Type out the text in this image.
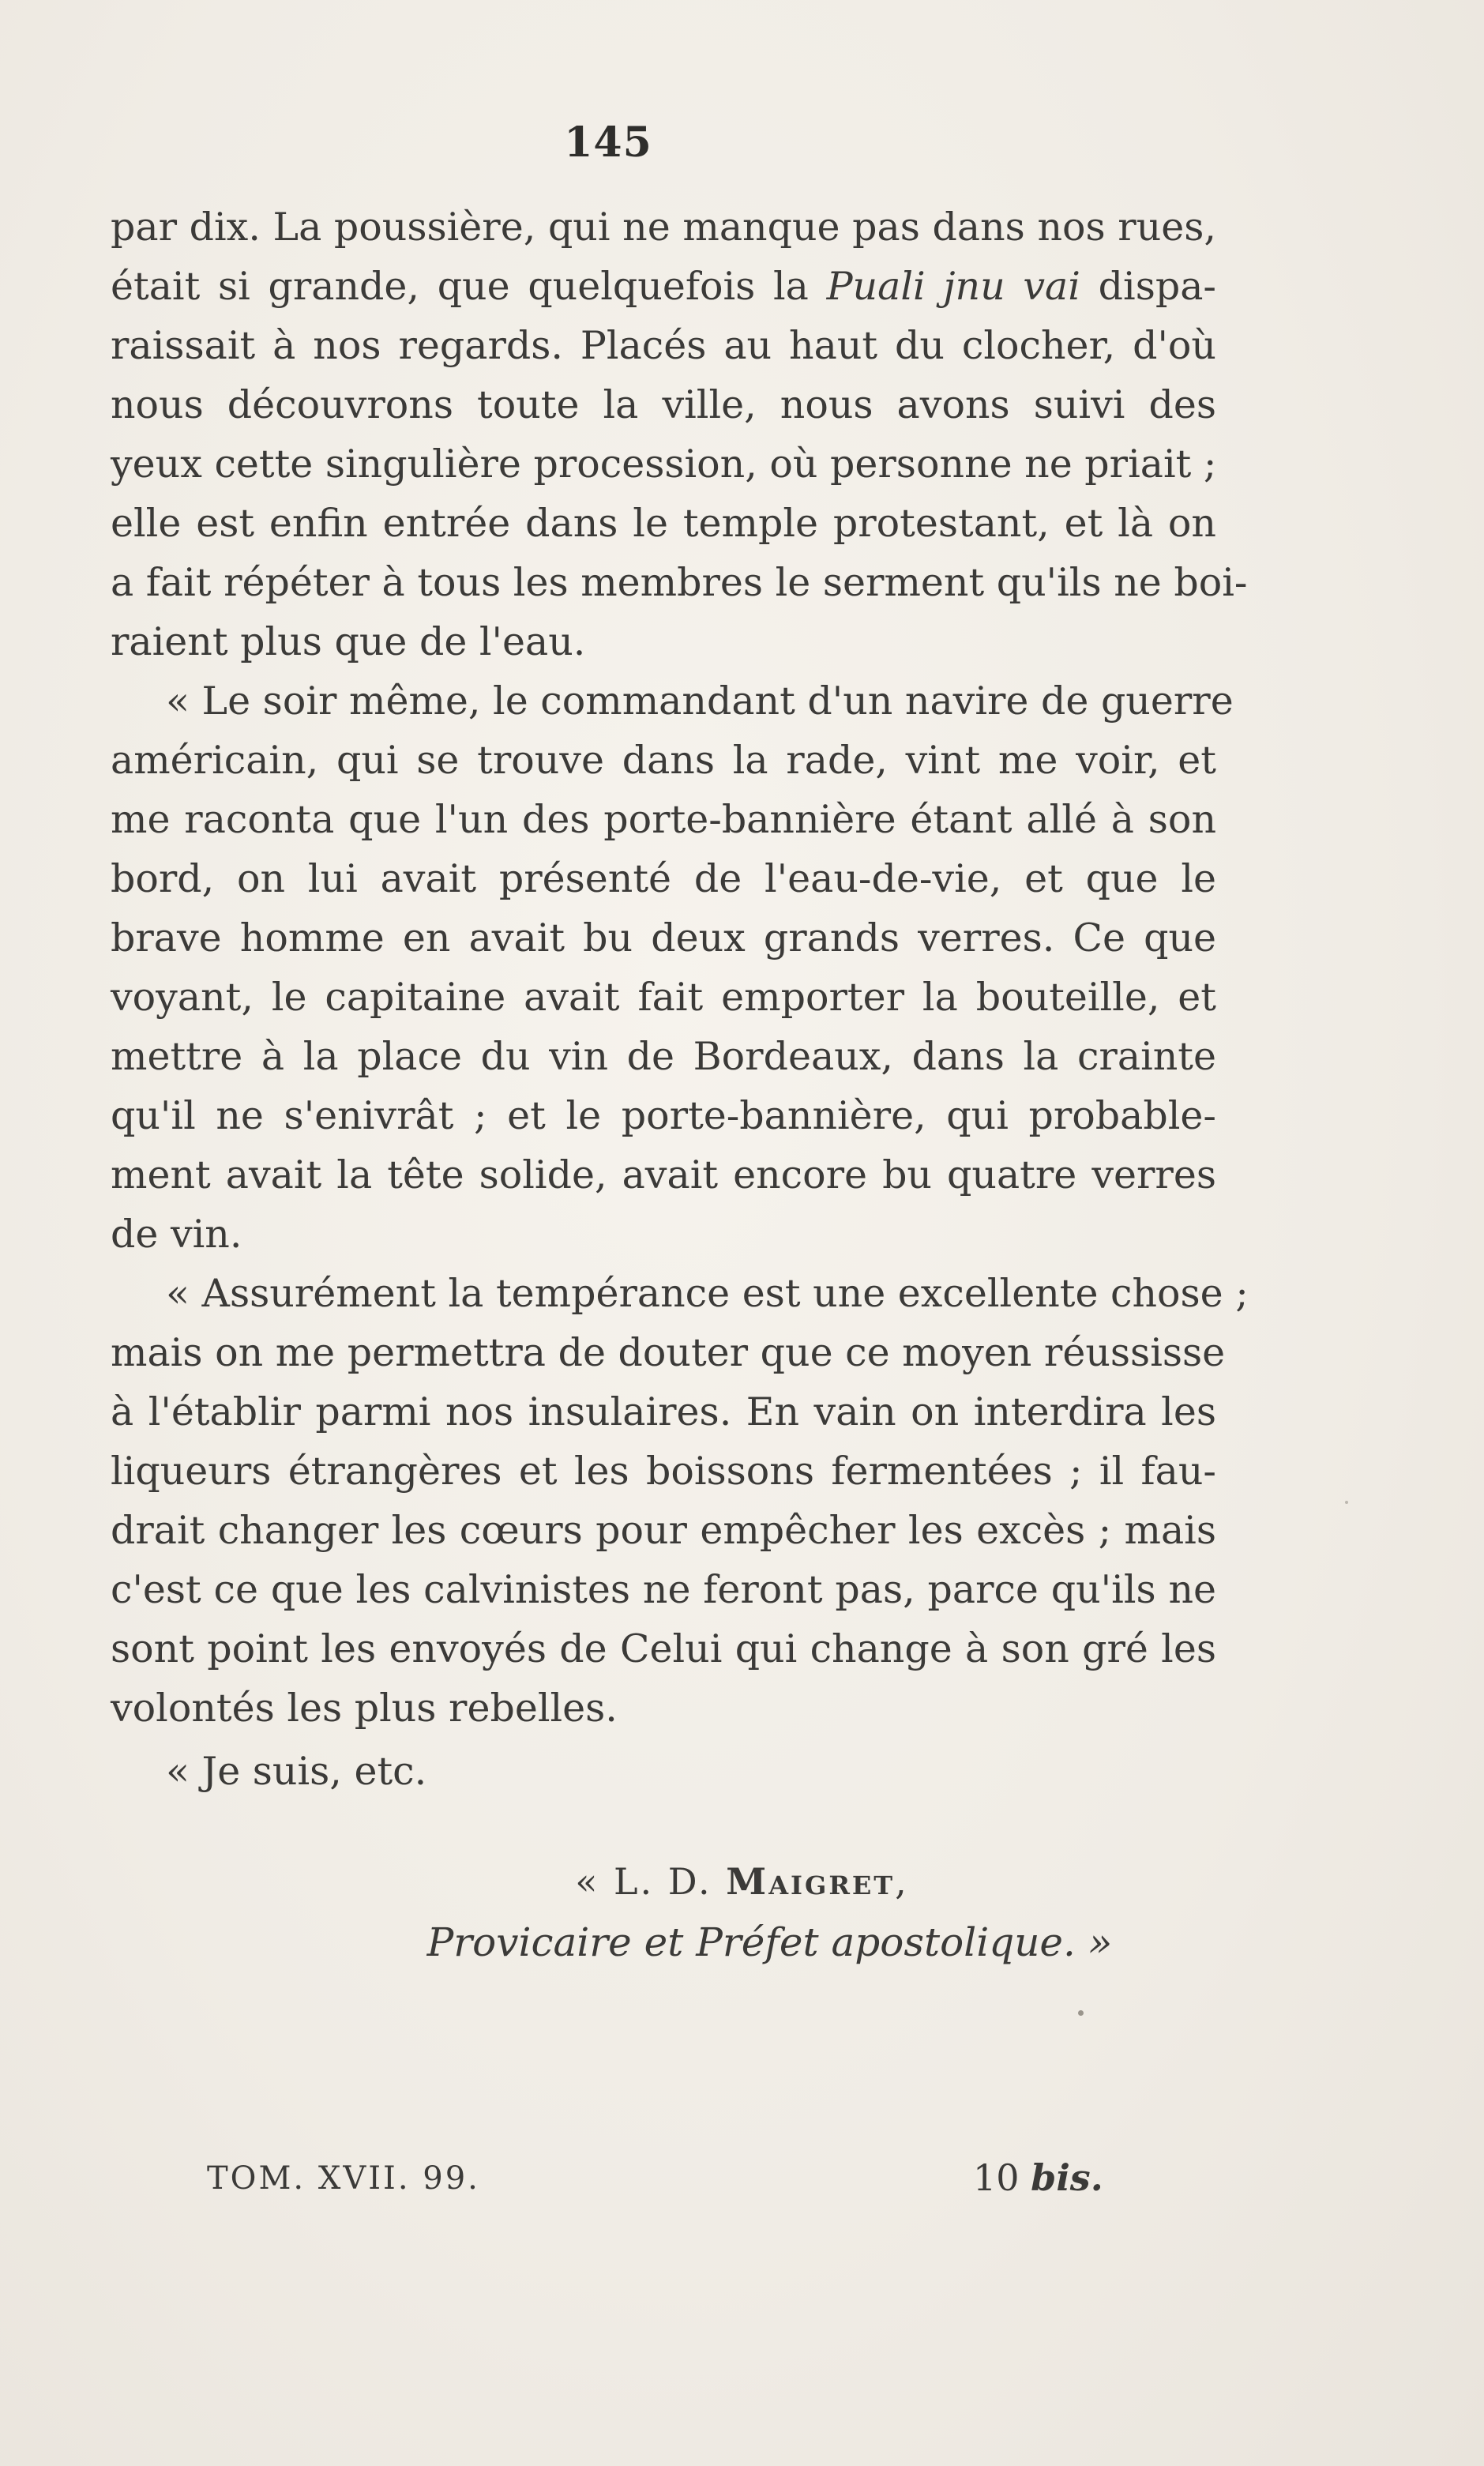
145
par dix. La poussière, qui ne manque pas dans nos rues,
était si grande, que quelquefois la Puali jnu vai dispa-
raissait à nos regards. Placés au haut du clocher, d'où
nous découvrons toute la ville, nous avons suivi des
yeux cette singulière procession, où personne ne priait ;
elle est enfin entrée dans le temple protestant, et là on
a fait répéter à tous les membres le serment qu'ils ne boi-
raient plus que de l'eau.
« Le soir même, le commandant d'un navire de guerre
américain, qui se trouve dans la rade, vint me voir, et
me raconta que l'un des porte-bannière étant allé à son
bord, on lui avait présenté de l'eau-de-vie, et que le
brave homme en avait bu deux grands verres. Ce que
voyant, le capitaine avait fait emporter la bouteille, et
mettre à la place du vin de Bordeaux, dans la crainte
qu'il ne s'enivrât ; et le porte-bannière, qui probable-
ment avait la tête solide, avait encore bu quatre verres
de vin.
« Assurément la tempérance est une excellente chose ;
mais on me permettra de douter que ce moyen réussisse
à l'établir parmi nos insulaires. En vain on interdira les
liqueurs étrangères et les boissons fermentées ; il fau-
drait changer les cœurs pour empêcher les excès ; mais
c'est ce que les calvinistes ne feront pas, parce qu'ils ne
sont point les envoyés de Celui qui change à son gré les
volontés les plus rebelles.
« Je suis, etc.
« L. D. Maigret,
Provicaire et Préfet apostolique. »
TOM. XVII. 99.	10 bis.
